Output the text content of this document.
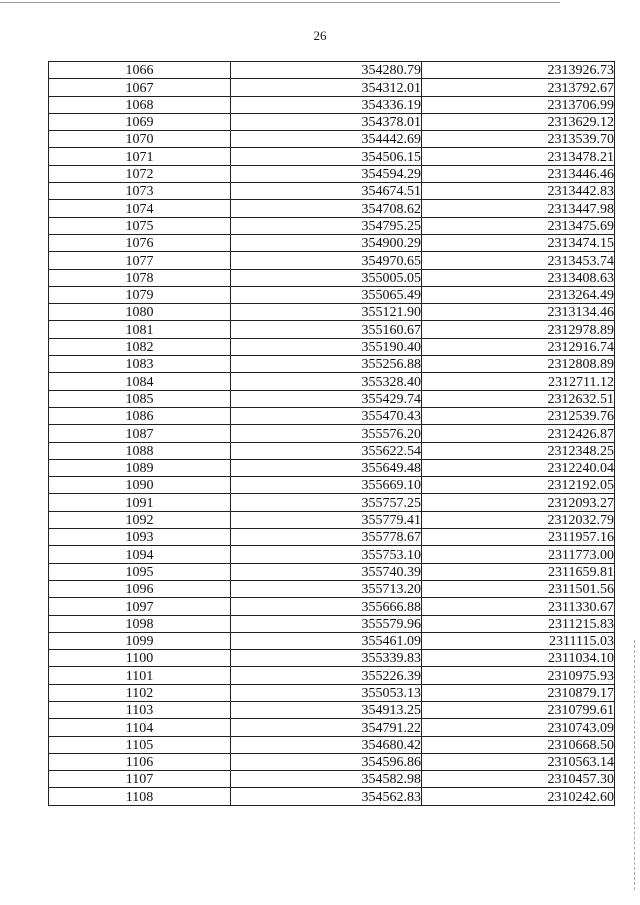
26
1066	354280.79	2313926.73
1067	354312.01	2313792.67
1068	354336.19	2313706.99
1069	354378.01	2313629.12
1070	354442.69	2313539.70
1071	354506.15	2313478.21
1072	354594.29	2313446.46
1073	354674.51	2313442.83
1074	354708.62	2313447.98
1075	354795.25	2313475.69
1076	354900.29	2313474.15
1077	354970.65	2313453.74
1078	355005.05	2313408.63
1079	355065.49	2313264.49
1080	355121.90	2313134.46
1081	355160.67	2312978.89
1082	355190.40	2312916.74
1083	355256.88	2312808.89
1084	355328.40	2312711.12
1085	355429.74	2312632.51
1086	355470.43	2312539.76
1087	355576.20	2312426.87
1088	355622.54	2312348.25
1089	355649.48	2312240.04
1090	355669.10	2312192.05
1091	355757.25	2312093.27
1092	355779.41	2312032.79
1093	355778.67	2311957.16
1094	355753.10	2311773.00
1095	355740.39	2311659.81
1096	355713.20	2311501.56
1097	355666.88	2311330.67
1098	355579.96	2311215.83
1099	355461.09	2311115.03
1100	355339.83	2311034.10
1101	355226.39	2310975.93
1102	355053.13	2310879.17
1103	354913.25	2310799.61
1104	354791.22	2310743.09
1105	354680.42	2310668.50
1106	354596.86	2310563.14
1107	354582.98	2310457.30
1108	354562.83	2310242.60
